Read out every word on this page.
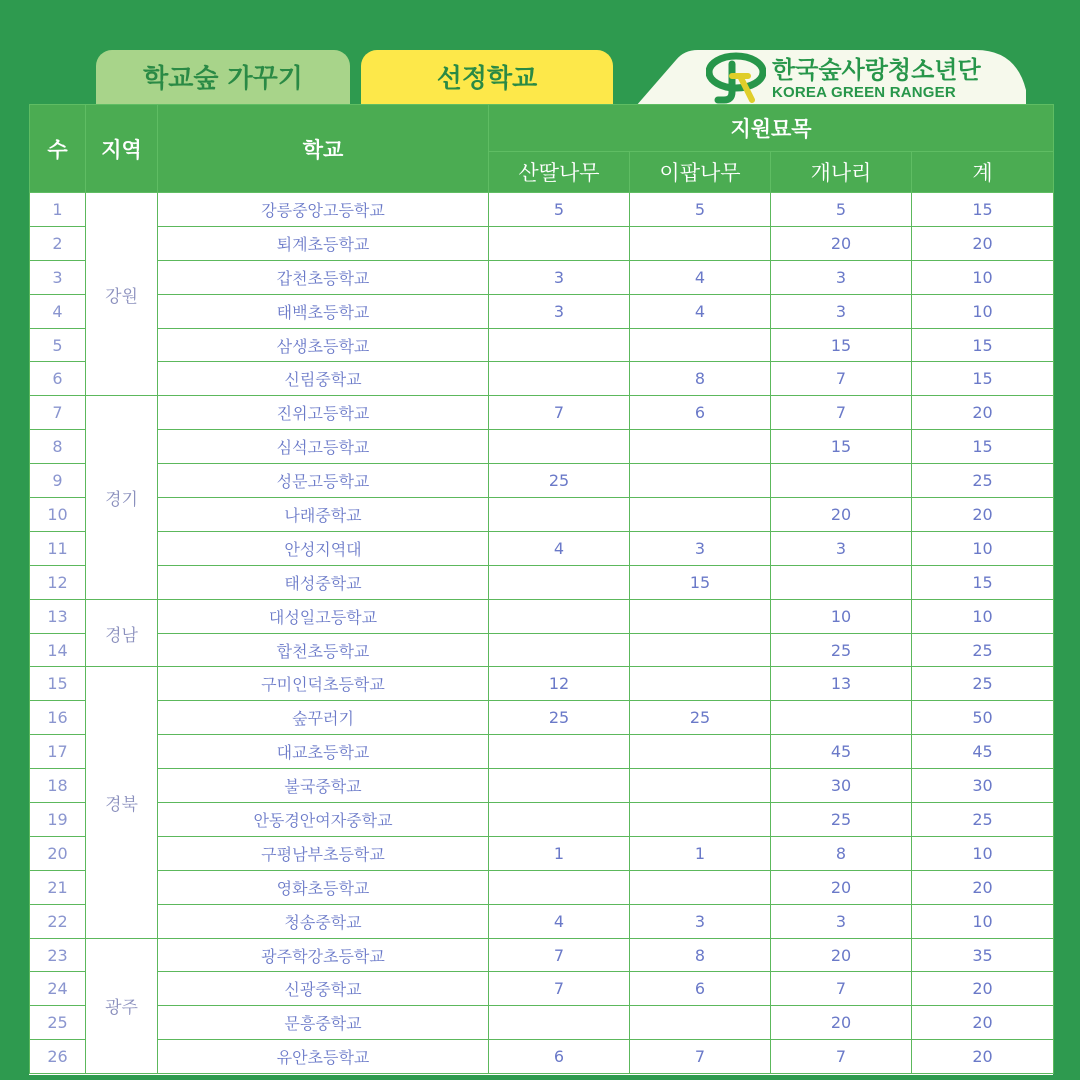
학교숲 가꾸기	선정학교	한국숲사랑청소년단
KOREA GREEN RANGER
수	지역	학교	지원묘목			
			산딸나무	이팝나무	개나리	계
1	강원	강릉중앙고등학교	5	5	5	15
2		퇴계초등학교			20	20
3		갑천초등학교	3	4	3	10
4		태백초등학교	3	4	3	10
5		삼생초등학교			15	15
6		신림중학교		8	7	15
7	경기	진위고등학교	7	6	7	20
8		심석고등학교			15	15
9		성문고등학교	25			25
10		나래중학교			20	20
11		안성지역대	4	3	3	10
12		태성중학교		15		15
13	경남	대성일고등학교			10	10
14		합천초등학교			25	25
15	경북	구미인덕초등학교	12		13	25
16		숲꾸러기	25	25		50
17		대교초등학교			45	45
18		불국중학교			30	30
19		안동경안여자중학교			25	25
20		구평남부초등학교	1	1	8	10
21		영화초등학교			20	20
22		청송중학교	4	3	3	10
23	광주	광주학강초등학교	7	8	20	35
24		신광중학교	7	6	7	20
25		문흥중학교			20	20
26		유안초등학교	6	7	7	20
